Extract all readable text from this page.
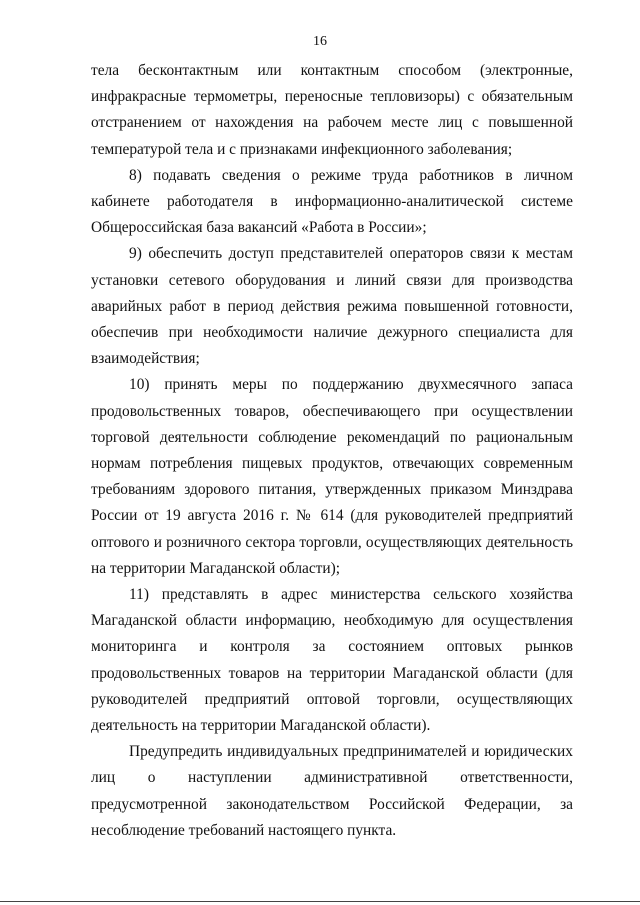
16

тела бесконтактным или контактным способом (электронные, инфракрасные термометры, переносные тепловизоры) с обязательным отстранением от нахождения на рабочем месте лиц с повышенной температурой тела и с признаками инфекционного заболевания;

8) подавать сведения о режиме труда работников в личном кабинете работодателя в информационно-аналитической системе Общероссийская база вакансий «Работа в России»;

9) обеспечить доступ представителей операторов связи к местам установки сетевого оборудования и линий связи для производства аварийных работ в период действия режима повышенной готовности, обеспечив при необходимости наличие дежурного специалиста для взаимодействия;

10) принять меры по поддержанию двухмесячного запаса продовольственных товаров, обеспечивающего при осуществлении торговой деятельности соблюдение рекомендаций по рациональным нормам потребления пищевых продуктов, отвечающих современным требованиям здорового питания, утвержденных приказом Минздрава России от 19 августа 2016 г. № 614 (для руководителей предприятий оптового и розничного сектора торговли, осуществляющих деятельность на территории Магаданской области);

11) представлять в адрес министерства сельского хозяйства Магаданской области информацию, необходимую для осуществления мониторинга и контроля за состоянием оптовых рынков продовольственных товаров на территории Магаданской области (для руководителей предприятий оптовой торговли, осуществляющих деятельность на территории Магаданской области).

Предупредить индивидуальных предпринимателей и юридических лиц о наступлении административной ответственности, предусмотренной законодательством Российской Федерации, за несоблюдение требований настоящего пункта.
